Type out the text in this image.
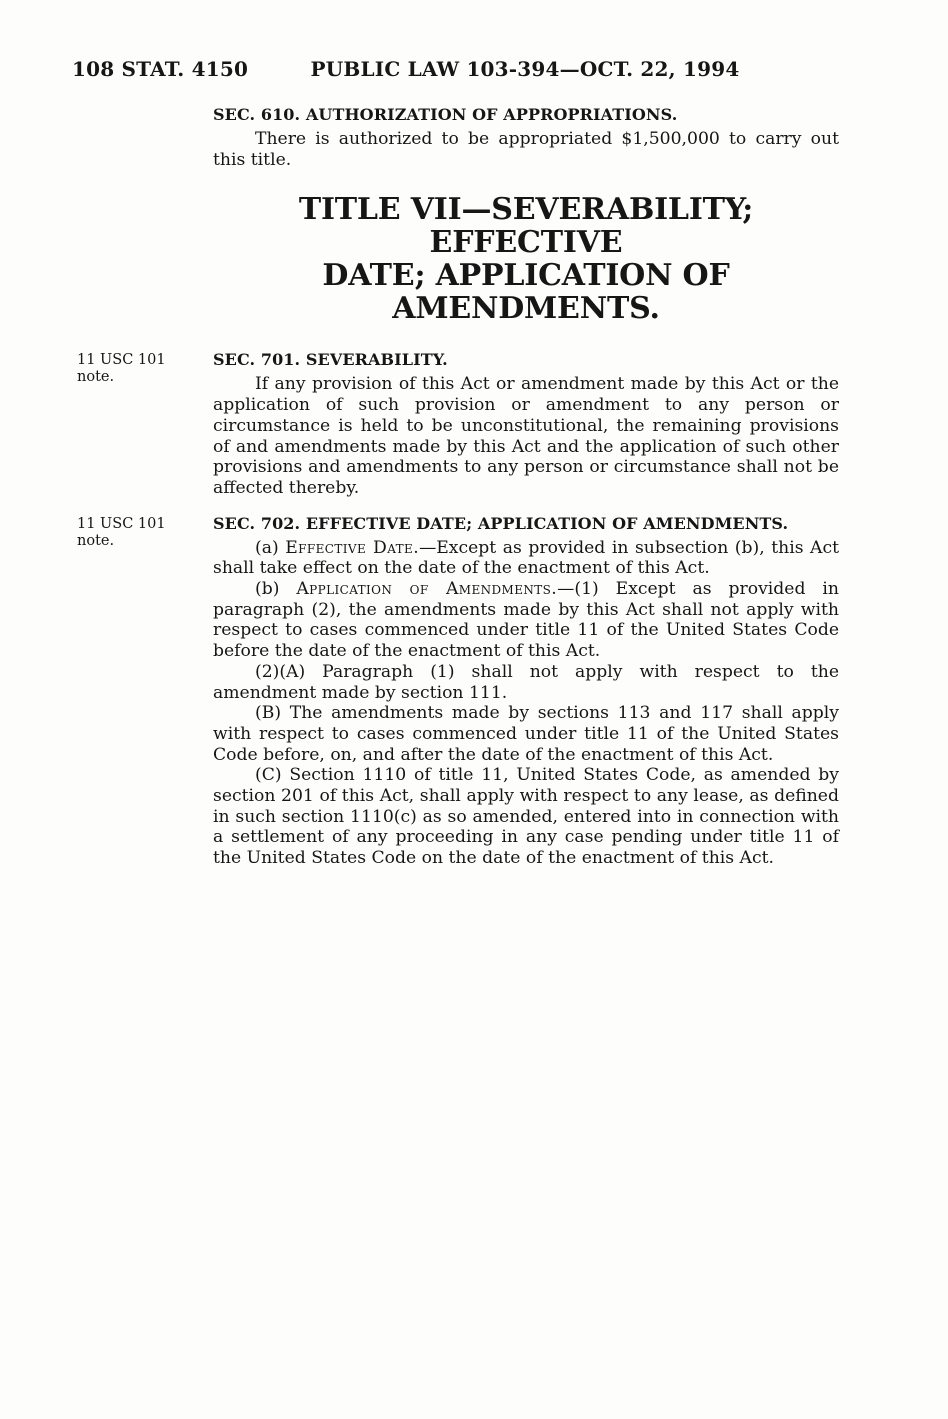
108 STAT. 4150	PUBLIC LAW 103-394—OCT. 22, 1994
SEC. 610. AUTHORIZATION OF APPROPRIATIONS.

There is authorized to be appropriated $1,500,000 to carry out this title.

TITLE VII—SEVERABILITY; EFFECTIVE
DATE; APPLICATION OF AMENDMENTS.
11 USC 101
note.
SEC. 701. SEVERABILITY.

If any provision of this Act or amendment made by this Act or the application of such provision or amendment to any person or circumstance is held to be unconstitutional, the remaining provisions of and amendments made by this Act and the application of such other provisions and amendments to any person or circumstance shall not be affected thereby.

11 USC 101
note.
SEC. 702. EFFECTIVE DATE; APPLICATION OF AMENDMENTS.

(a) Effective Date.—Except as provided in subsection (b), this Act shall take effect on the date of the enactment of this Act.

(b) Application of Amendments.—(1) Except as provided in paragraph (2), the amendments made by this Act shall not apply with respect to cases commenced under title 11 of the United States Code before the date of the enactment of this Act.

(2)(A) Paragraph (1) shall not apply with respect to the amendment made by section 111.

(B) The amendments made by sections 113 and 117 shall apply with respect to cases commenced under title 11 of the United States Code before, on, and after the date of the enactment of this Act.

(C) Section 1110 of title 11, United States Code, as amended by section 201 of this Act, shall apply with respect to any lease, as defined in such section 1110(c) as so amended, entered into in connection with a settlement of any proceeding in any case pending under title 11 of the United States Code on the date of the enactment of this Act.
